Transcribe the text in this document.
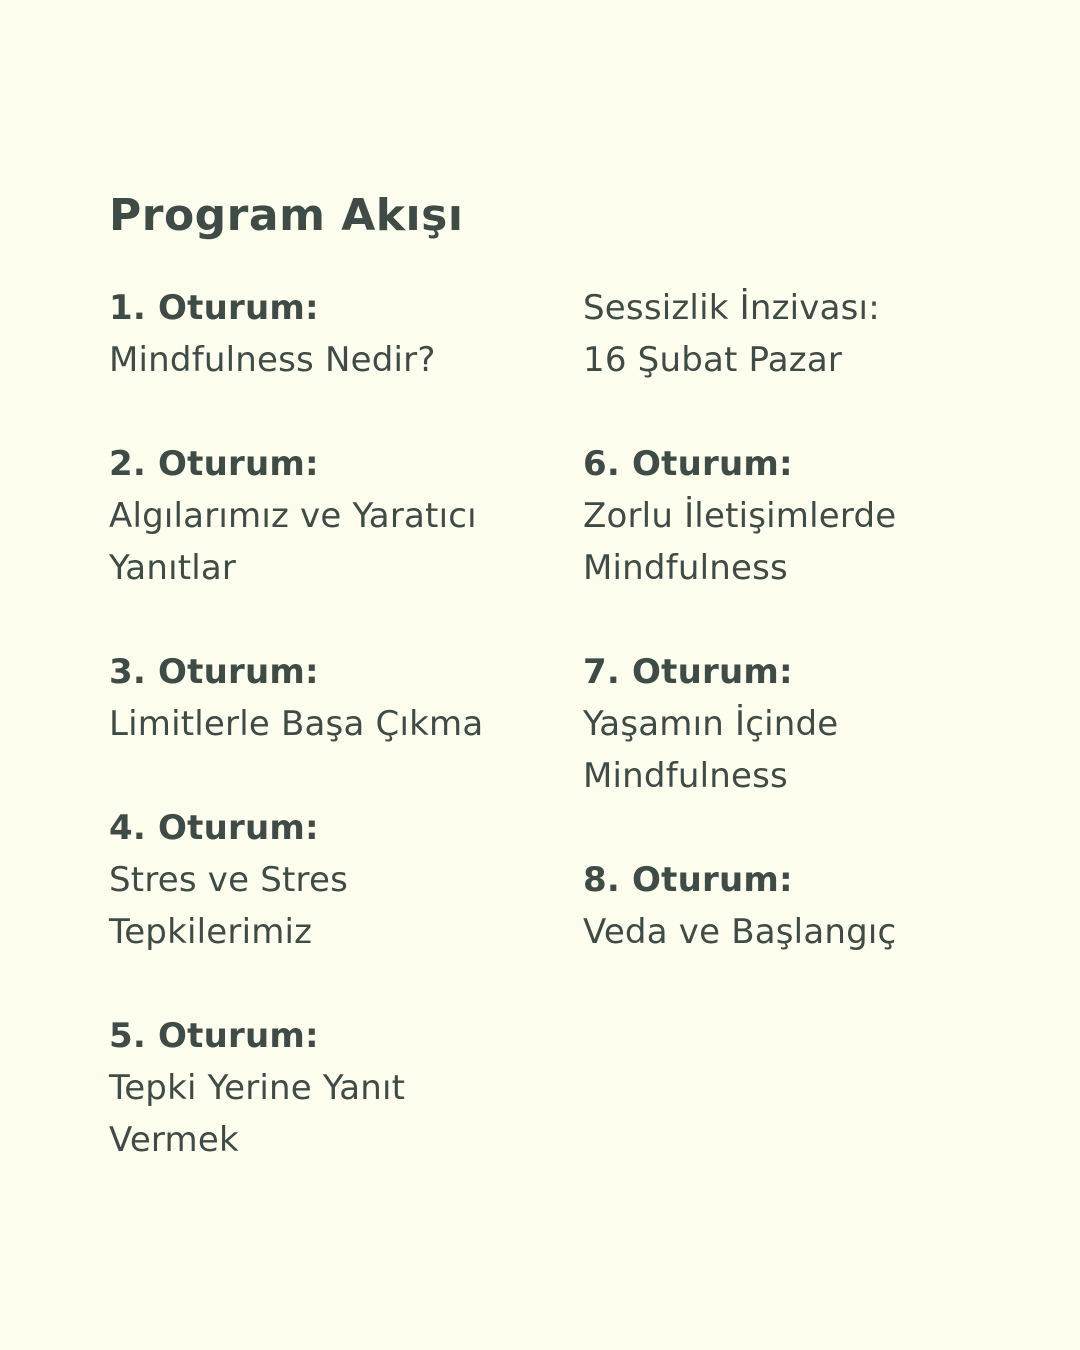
Program Akışı
1. Oturum:
Mindfulness Nedir?
2. Oturum:
Algılarımız ve Yaratıcı
Yanıtlar
3. Oturum:
Limitlerle Başa Çıkma
4. Oturum:
Stres ve Stres
Tepkilerimiz
5. Oturum:
Tepki Yerine Yanıt
Vermek
Sessizlik İnzivası:
16 Şubat Pazar
6. Oturum:
Zorlu İletişimlerde
Mindfulness
7. Oturum:
Yaşamın İçinde
Mindfulness
8. Oturum:
Veda ve Başlangıç
